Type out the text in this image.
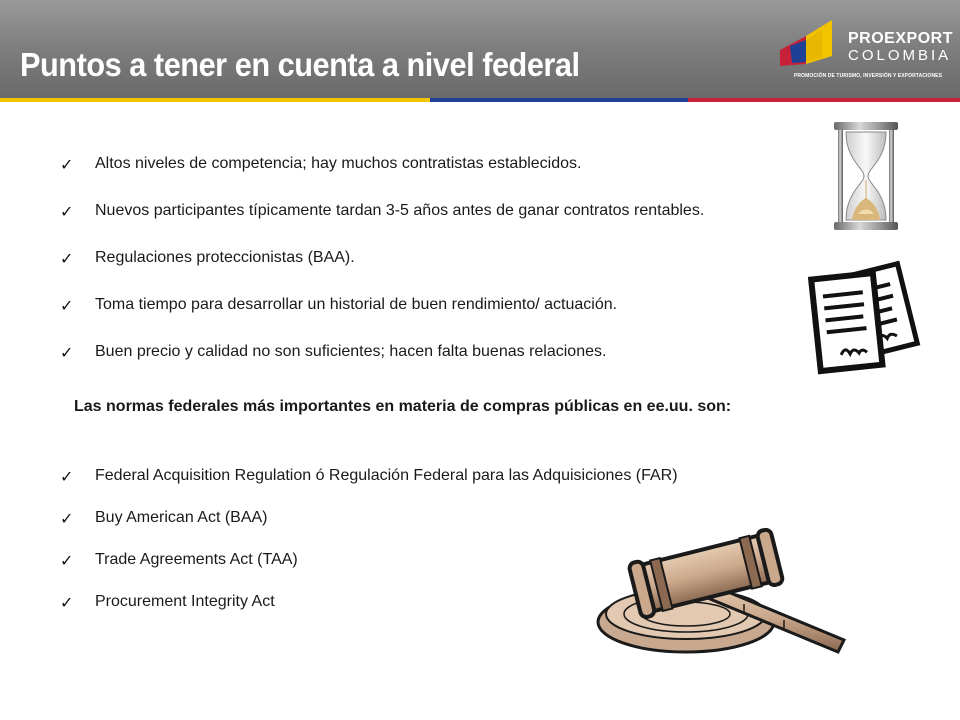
Puntos a tener en cuenta a nivel federal
PROEXPORT
COLOMBIA
PROMOCIÓN DE TURISMO, INVERSIÓN Y EXPORTACIONES
✓ Altos niveles de competencia; hay muchos contratistas establecidos.
✓ Nuevos participantes típicamente tardan 3-5 años antes de ganar contratos rentables.
✓ Regulaciones proteccionistas (BAA).
✓ Toma tiempo para desarrollar un historial de buen rendimiento/ actuación.
✓ Buen precio y calidad no son suficientes; hacen falta buenas relaciones.
Las normas federales más importantes en materia de compras públicas en ee.uu. son:
✓ Federal Acquisition Regulation ó Regulación Federal para las Adquisiciones (FAR)
✓ Buy American Act (BAA)
✓ Trade Agreements Act (TAA)
✓ Procurement Integrity Act
